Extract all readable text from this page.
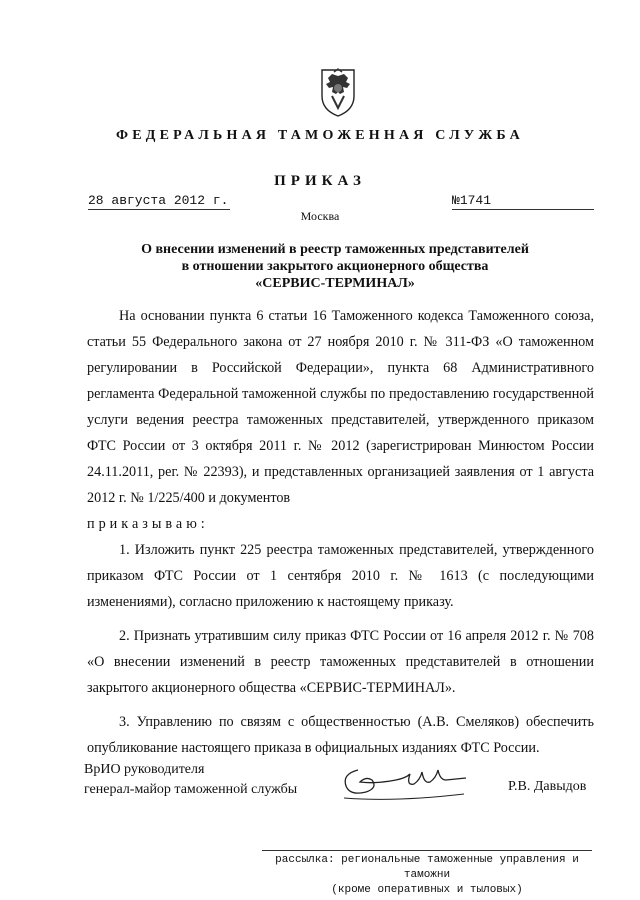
ФЕДЕРАЛЬНАЯ ТАМОЖЕННАЯ СЛУЖБА
ПРИКАЗ
28 августа 2012 г.	№1741
Москва
О внесении изменений в реестр таможенных представителей
в отношении закрытого акционерного общества
«СЕРВИС-ТЕРМИНАЛ»

На основании пункта 6 статьи 16 Таможенного кодекса Таможенного союза, статьи 55 Федерального закона от 27 ноября 2010 г. № 311-ФЗ «О таможенном регулировании в Российской Федерации», пункта 68 Административного регламента Федеральной таможенной службы по предоставлению государственной услуги ведения реестра таможенных представителей, утвержденного приказом ФТС России от 3 октября 2011 г. № 2012 (зарегистрирован Минюстом России 24.11.2011, рег. № 22393), и представленных организацией заявления от 1 августа 2012 г. № 1/225/400 и документов

приказываю:

1. Изложить пункт 225 реестра таможенных представителей, утвержденного приказом ФТС России от 1 сентября 2010 г. № 1613 (с последующими изменениями), согласно приложению к настоящему приказу.

2. Признать утратившим силу приказ ФТС России от 16 апреля 2012 г. № 708 «О внесении изменений в реестр таможенных представителей в отношении закрытого акционерного общества «СЕРВИС-ТЕРМИНАЛ».

3. Управлению по связям с общественностью (А.В. Смеляков) обеспечить опубликование настоящего приказа в официальных изданиях ФТС России.

ВрИО руководителя
генерал-майор таможенной службы	Р.В. Давыдов
рассылка: региональные таможенные управления и таможни
(кроме оперативных и тыловых)
